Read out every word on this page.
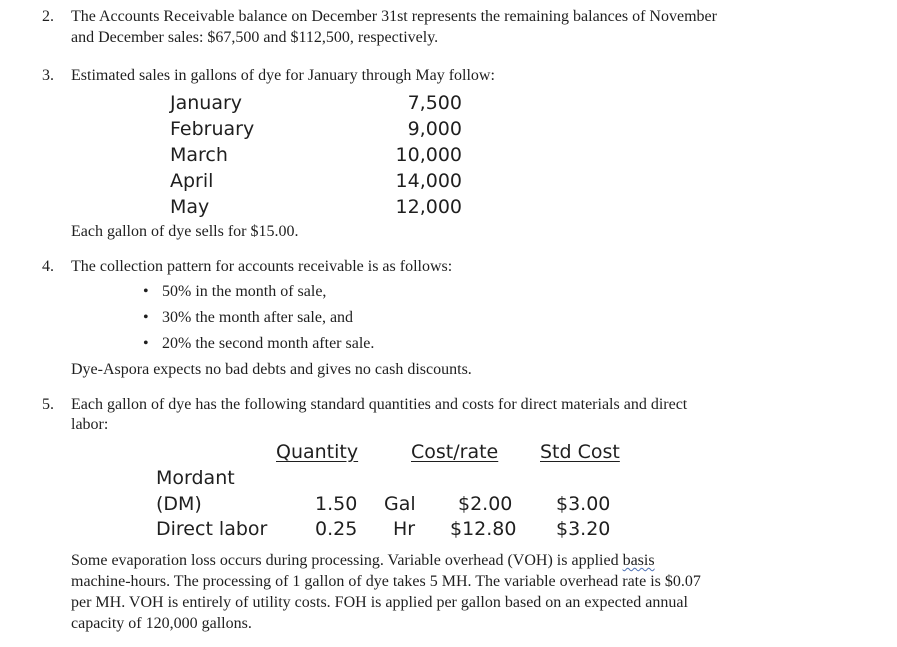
2. The Accounts Receivable balance on December 31st represents the remaining balances of November
and December sales: $67,500 and $112,500, respectively.
3. Estimated sales in gallons of dye for January through May follow:
January	7,500
February	9,000
March	10,000
April	14,000
May	12,000
Each gallon of dye sells for $15.00.
4. The collection pattern for accounts receivable is as follows:
• 50% in the month of sale,
• 30% the month after sale, and
• 20% the second month after sale.
Dye-Aspora expects no bad debts and gives no cash discounts.
5. Each gallon of dye has the following standard quantities and costs for direct materials and direct
labor:
Quantity	Cost/rate Std Cost
Mordant
(DM)	1.50 Gal $2.00 $3.00
Direct labor	0.25 Hr $12.80 $3.20
Some evaporation loss occurs during processing. Variable overhead (VOH) is applied basis
machine-hours. The processing of 1 gallon of dye takes 5 MH. The variable overhead rate is $0.07
per MH. VOH is entirely of utility costs. FOH is applied per gallon based on an expected annual
capacity of 120,000 gallons.
